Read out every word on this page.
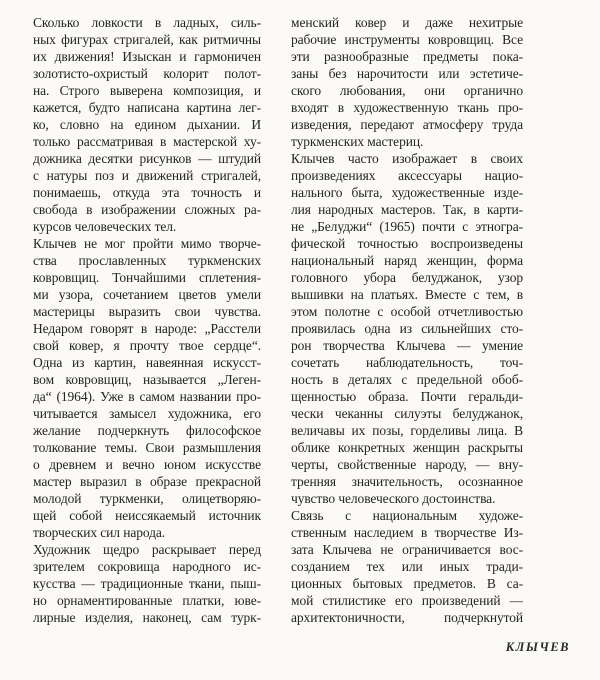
Сколько ловкости в ладных, силь-
ных фигурах стригалей, как ритмичны
их движения! Изыскан и гармоничен
золотисто-охристый колорит полот-
на. Строго выверена композиция, и
кажется, будто написана картина лег-
ко, словно на едином дыхании. И
только рассматривая в мастерской ху-
дожника десятки рисунков — штудий
с натуры поз и движений стригалей,
понимаешь, откуда эта точность и
свобода в изображении сложных ра-
курсов человеческих тел.
Клычев не мог пройти мимо творче-
ства прославленных туркменских
ковровщиц. Тончайшими сплетения-
ми узора, сочетанием цветов умели
мастерицы выразить свои чувства.
Недаром говорят в народе: „Расстели
свой ковер, я прочту твое сердце“.
Одна из картин, навеянная искусст-
вом ковровщиц, называется „Леген-
да“ (1964). Уже в самом названии про-
читывается замысел художника, его
желание подчеркнуть философское
толкование темы. Свои размышления
о древнем и вечно юном искусстве
мастер выразил в образе прекрасной
молодой туркменки, олицетворяю-
щей собой неиссякаемый источник
творческих сил народа.
Художник щедро раскрывает перед
зрителем сокровища народного ис-
кусства — традиционные ткани, пыш-
но орнаментированные платки, юве-
лирные изделия, наконец, сам турк-
менский ковер и даже нехитрые
рабочие инструменты ковровщиц. Все
эти разнообразные предметы пока-
заны без нарочитости или эстетиче-
ского любования, они органично
входят в художественную ткань про-
изведения, передают атмосферу труда
туркменских мастериц.
Клычев часто изображает в своих
произведениях аксессуары нацио-
нального быта, художественные изде-
лия народных мастеров. Так, в карти-
не „Белуджи“ (1965) почти с этногра-
фической точностью воспроизведены
национальный наряд женщин, форма
головного убора белуджанок, узор
вышивки на платьях. Вместе с тем, в
этом полотне с особой отчетливостью
проявилась одна из сильнейших сто-
рон творчества Клычева — умение
сочетать наблюдательность, точ-
ность в деталях с предельной обоб-
щенностью образа. Почти геральди-
чески чеканны силуэты белуджанок,
величавы их позы, горделивы лица. В
облике конкретных женщин раскрыты
черты, свойственные народу, — вну-
тренняя значительность, осознанное
чувство человеческого достоинства.
Связь с национальным художе-
ственным наследием в творчестве Из-
зата Клычева не ограничивается вос-
созданием тех или иных тради-
ционных бытовых предметов. В са-
мой стилистике его произведений —
архитектоничности, подчеркнутой
КЛЫЧЕВ
